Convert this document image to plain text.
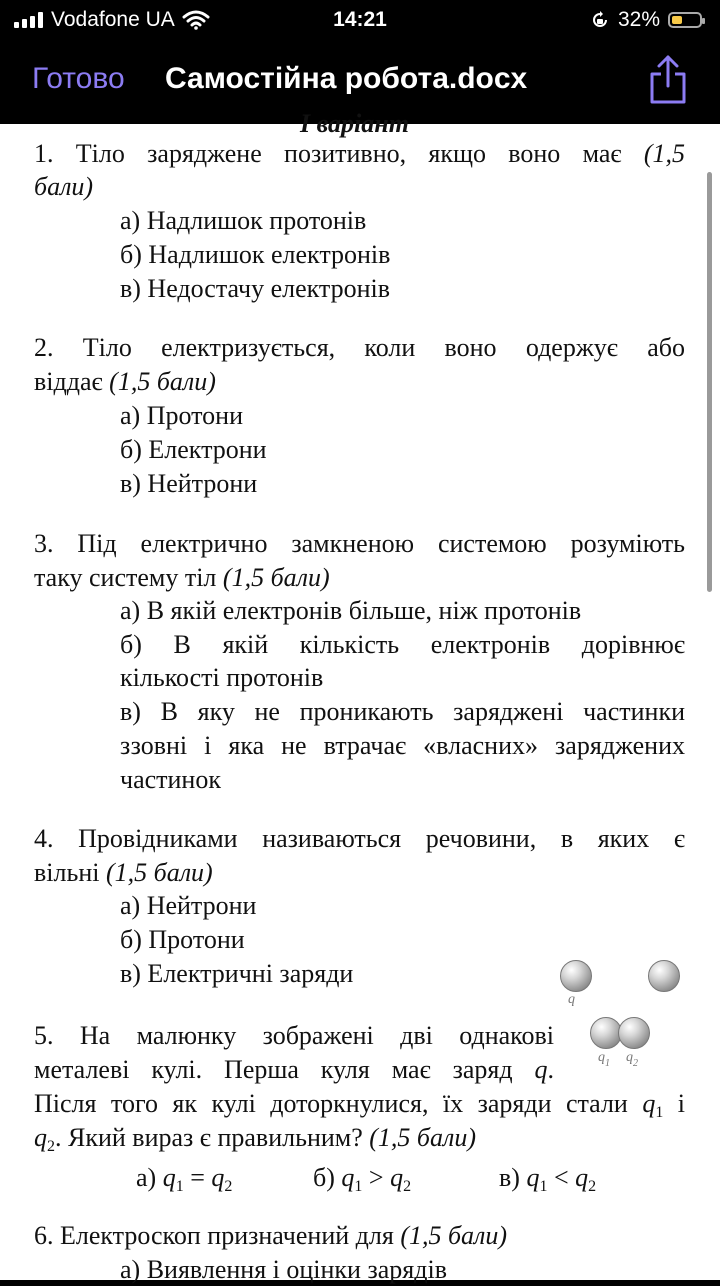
Vodafone UA	14:21	32%
Готово Самостійна робота.docx
І варіант
1. Тіло заряджене позитивно, якщо воно має (1,5
бали)
а) Надлишок протонів
б) Надлишок електронів
в) Недостачу електронів
2. Тіло електризується, коли воно одержує або
віддає (1,5 бали)
а) Протони
б) Електрони
в) Нейтрони
3. Під електрично замкненою системою розуміють
таку систему тіл (1,5 бали)
а) В якій електронів більше, ніж протонів
б) В якій кількість електронів дорівнює
кількості протонів
в) В яку не проникають заряджені частинки
ззовні і яка не втрачає «власних» заряджених
частинок
4. Провідниками називаються речовини, в яких є
вільні (1,5 бали)
а) Нейтрони
б) Протони
в) Електричні заряди
q
$q_1$ $q_2$
5. На малюнку зображені дві однакові
металеві кулі. Перша куля має заряд q.
Після того як кулі доторкнулися, їх заряди стали $q_1$ і
$q_2$. Який вираз є правильним? (1,5 бали)
а) $q_1 = q_2$	б) $q_1 > q_2$	в) $q_1 < q_2$
6. Електроскоп призначений для (1,5 бали)
а) Виявлення і оцінки зарядів
